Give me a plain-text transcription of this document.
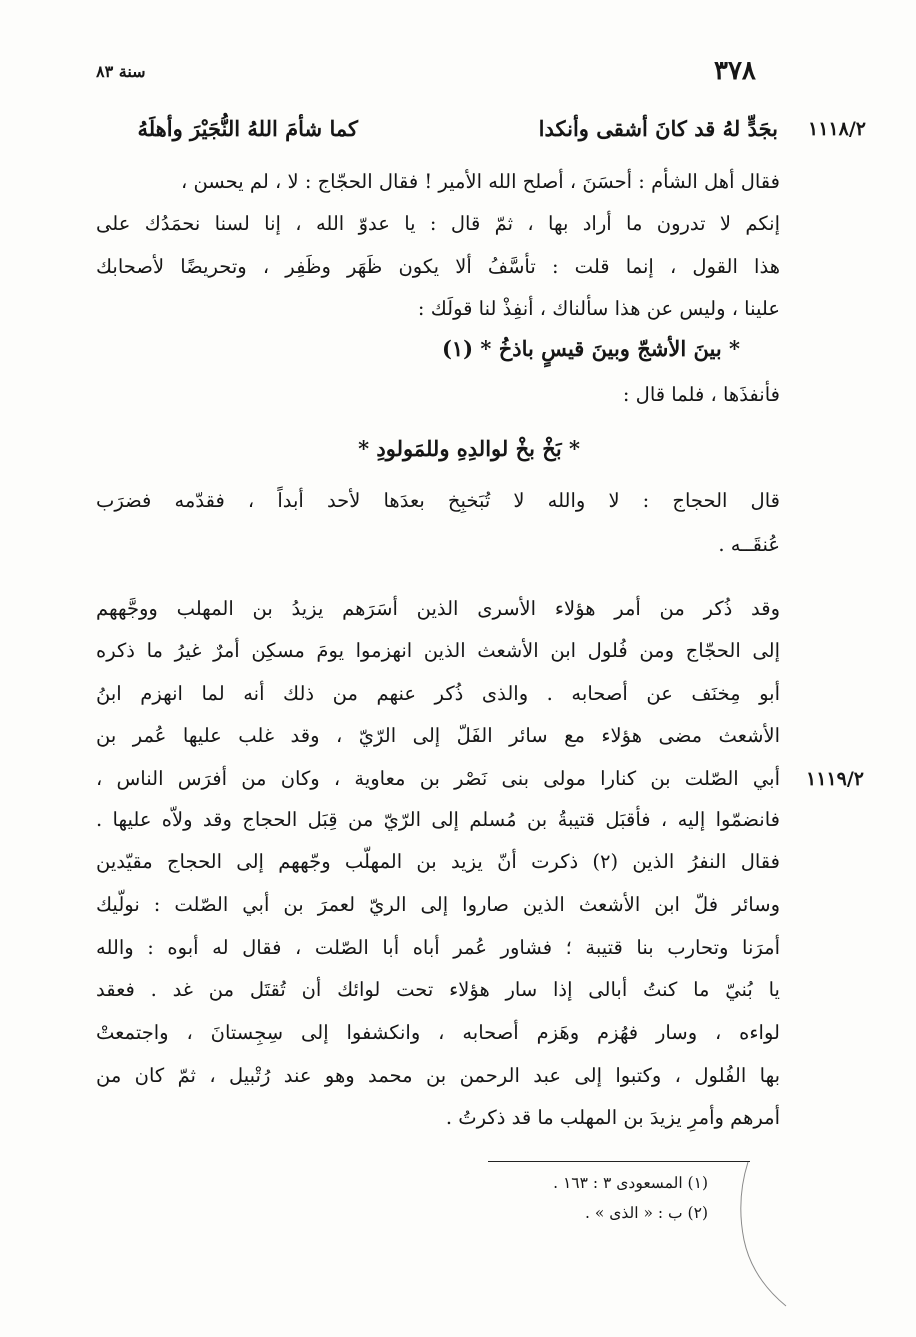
٣٧٨
سنة ٨٣
١١١٨/٢
١١١٩/٢
بجَدٍّ لهُ قد كانَ أشقى وأنكدا
كما شأمَ اللهُ النُّجَيْرَ وأهلَهُ
فقال أهل الشأم : أحسَنَ ، أصلح الله الأمير ! فقال الحجّاج : لا ، لم يحسن ،
إنكم لا تدرون ما أراد بها ، ثمّ قال : يا عدوّ الله ، إنا لسنا نحمَدُك على
هذا القول ، إنما قلت : تأسَّفُ ألا يكون ظَهَر وظَفِر ، وتحريضًا لأصحابك
علينا ، وليس عن هذا سألناك ، أنفِذْ لنا قولَك :
* بينَ الأشجّ وبينَ قيسٍ باذخُ * (١)
فأنفذَها ، فلما قال :
* بَخْ بخْ لوالدِهِ وللمَولودِ *
قال الحجاج : لا والله لا تُبَخبِخ بعدَها لأحد أبداً ، فقدّمه فضرَب
عُنقَــه .
وقد ذُكر من أمر هؤلاء الأسرى الذين أسَرَهم يزيدُ بن المهلب ووجَّههم
إلى الحجّاج ومن فُلول ابن الأشعث الذين انهزموا يومَ مسكِن أمرٌ غيرُ ما ذكره
أبو مِخنَف عن أصحابه . والذى ذُكر عنهم من ذلك أنه لما انهزم ابنُ
الأشعث مضى هؤلاء مع سائر الفَلّ إلى الرّيّ ، وقد غلب عليها عُمر بن
أبي الصّلت بن كنارا مولى بنى نَصْر بن معاوية ، وكان من أفرَس الناس ،
فانضمّوا إليه ، فأقبَل قتيبةُ بن مُسلم إلى الرّيّ من قِبَل الحجاج وقد ولاّه عليها .
فقال النفرُ الذين (٢) ذكرت أنّ يزيد بن المهلّب وجّههم إلى الحجاج مقيّدين
وسائر فلّ ابن الأشعث الذين صاروا إلى الريّ لعمرَ بن أبي الصّلت : نولّيك
أمرَنا وتحارب بنا قتيبة ؛ فشاور عُمر أباه أبا الصّلت ، فقال له أبوه : والله
يا بُنيّ ما كنتُ أبالى إذا سار هؤلاء تحت لوائك أن تُقتَل من غد . فعقد
لواءه ، وسار فهُزم وهَزم أصحابه ، وانكشفوا إلى سِجِستانَ ، واجتمعتْ
بها الفُلول ، وكتبوا إلى عبد الرحمن بن محمد وهو عند رُتْبيل ، ثمّ كان من
أمرهم وأمرِ يزيدَ بن المهلب ما قد ذكرتُ .
(١) المسعودى ٣ : ١٦٣ .
(٢) ب : « الذى » .
